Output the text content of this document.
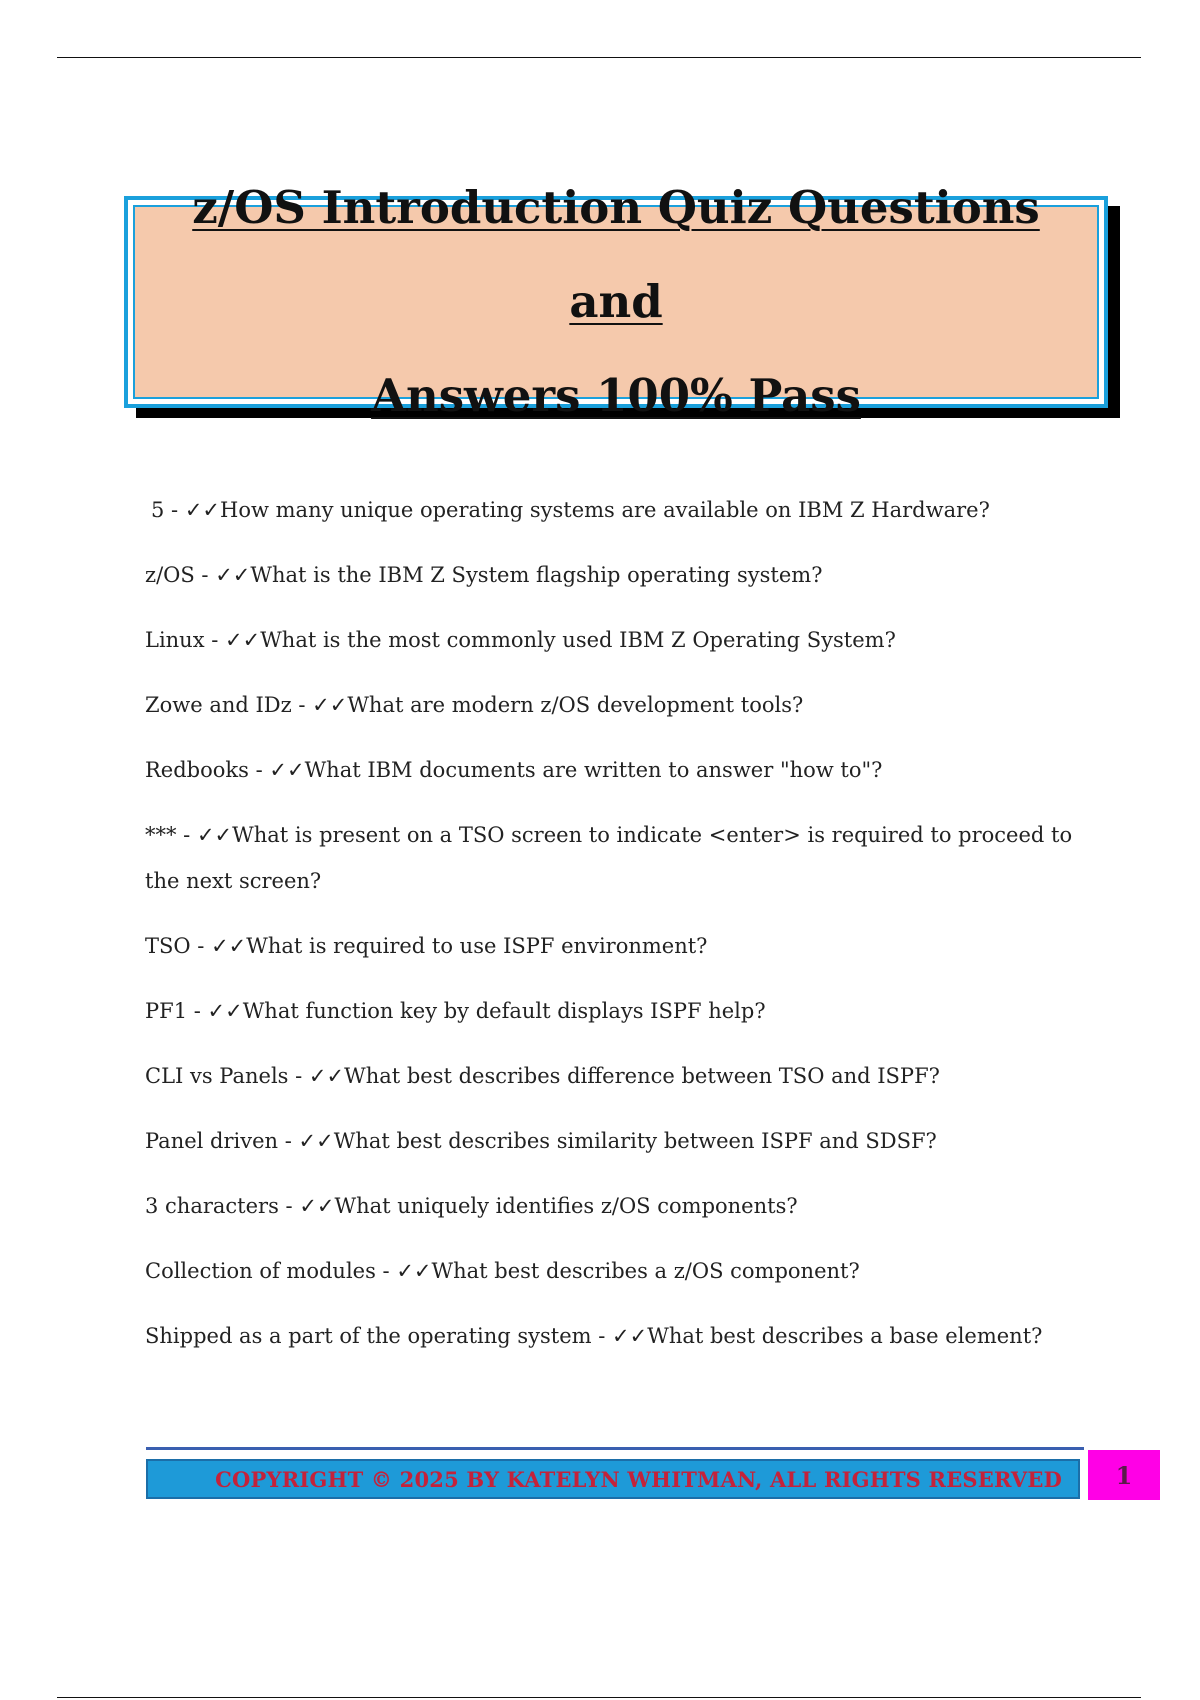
z/OS Introduction Quiz Questions and
Answers 100% Pass
5 - ✓✓How many unique operating systems are available on IBM Z Hardware?
z/OS - ✓✓What is the IBM Z System flagship operating system?
Linux - ✓✓What is the most commonly used IBM Z Operating System?
Zowe and IDz - ✓✓What are modern z/OS development tools?
Redbooks - ✓✓What IBM documents are written to answer "how to"?
*** - ✓✓What is present on a TSO screen to indicate <enter> is required to proceed to the next screen?
TSO - ✓✓What is required to use ISPF environment?
PF1 - ✓✓What function key by default displays ISPF help?
CLI vs Panels - ✓✓What best describes difference between TSO and ISPF?
Panel driven - ✓✓What best describes similarity between ISPF and SDSF?
3 characters - ✓✓What uniquely identifies z/OS components?
Collection of modules - ✓✓What best describes a z/OS component?
Shipped as a part of the operating system - ✓✓What best describes a base element?
COPYRIGHT © 2025 BY KATELYN WHITMAN, ALL RIGHTS RESERVED 1
